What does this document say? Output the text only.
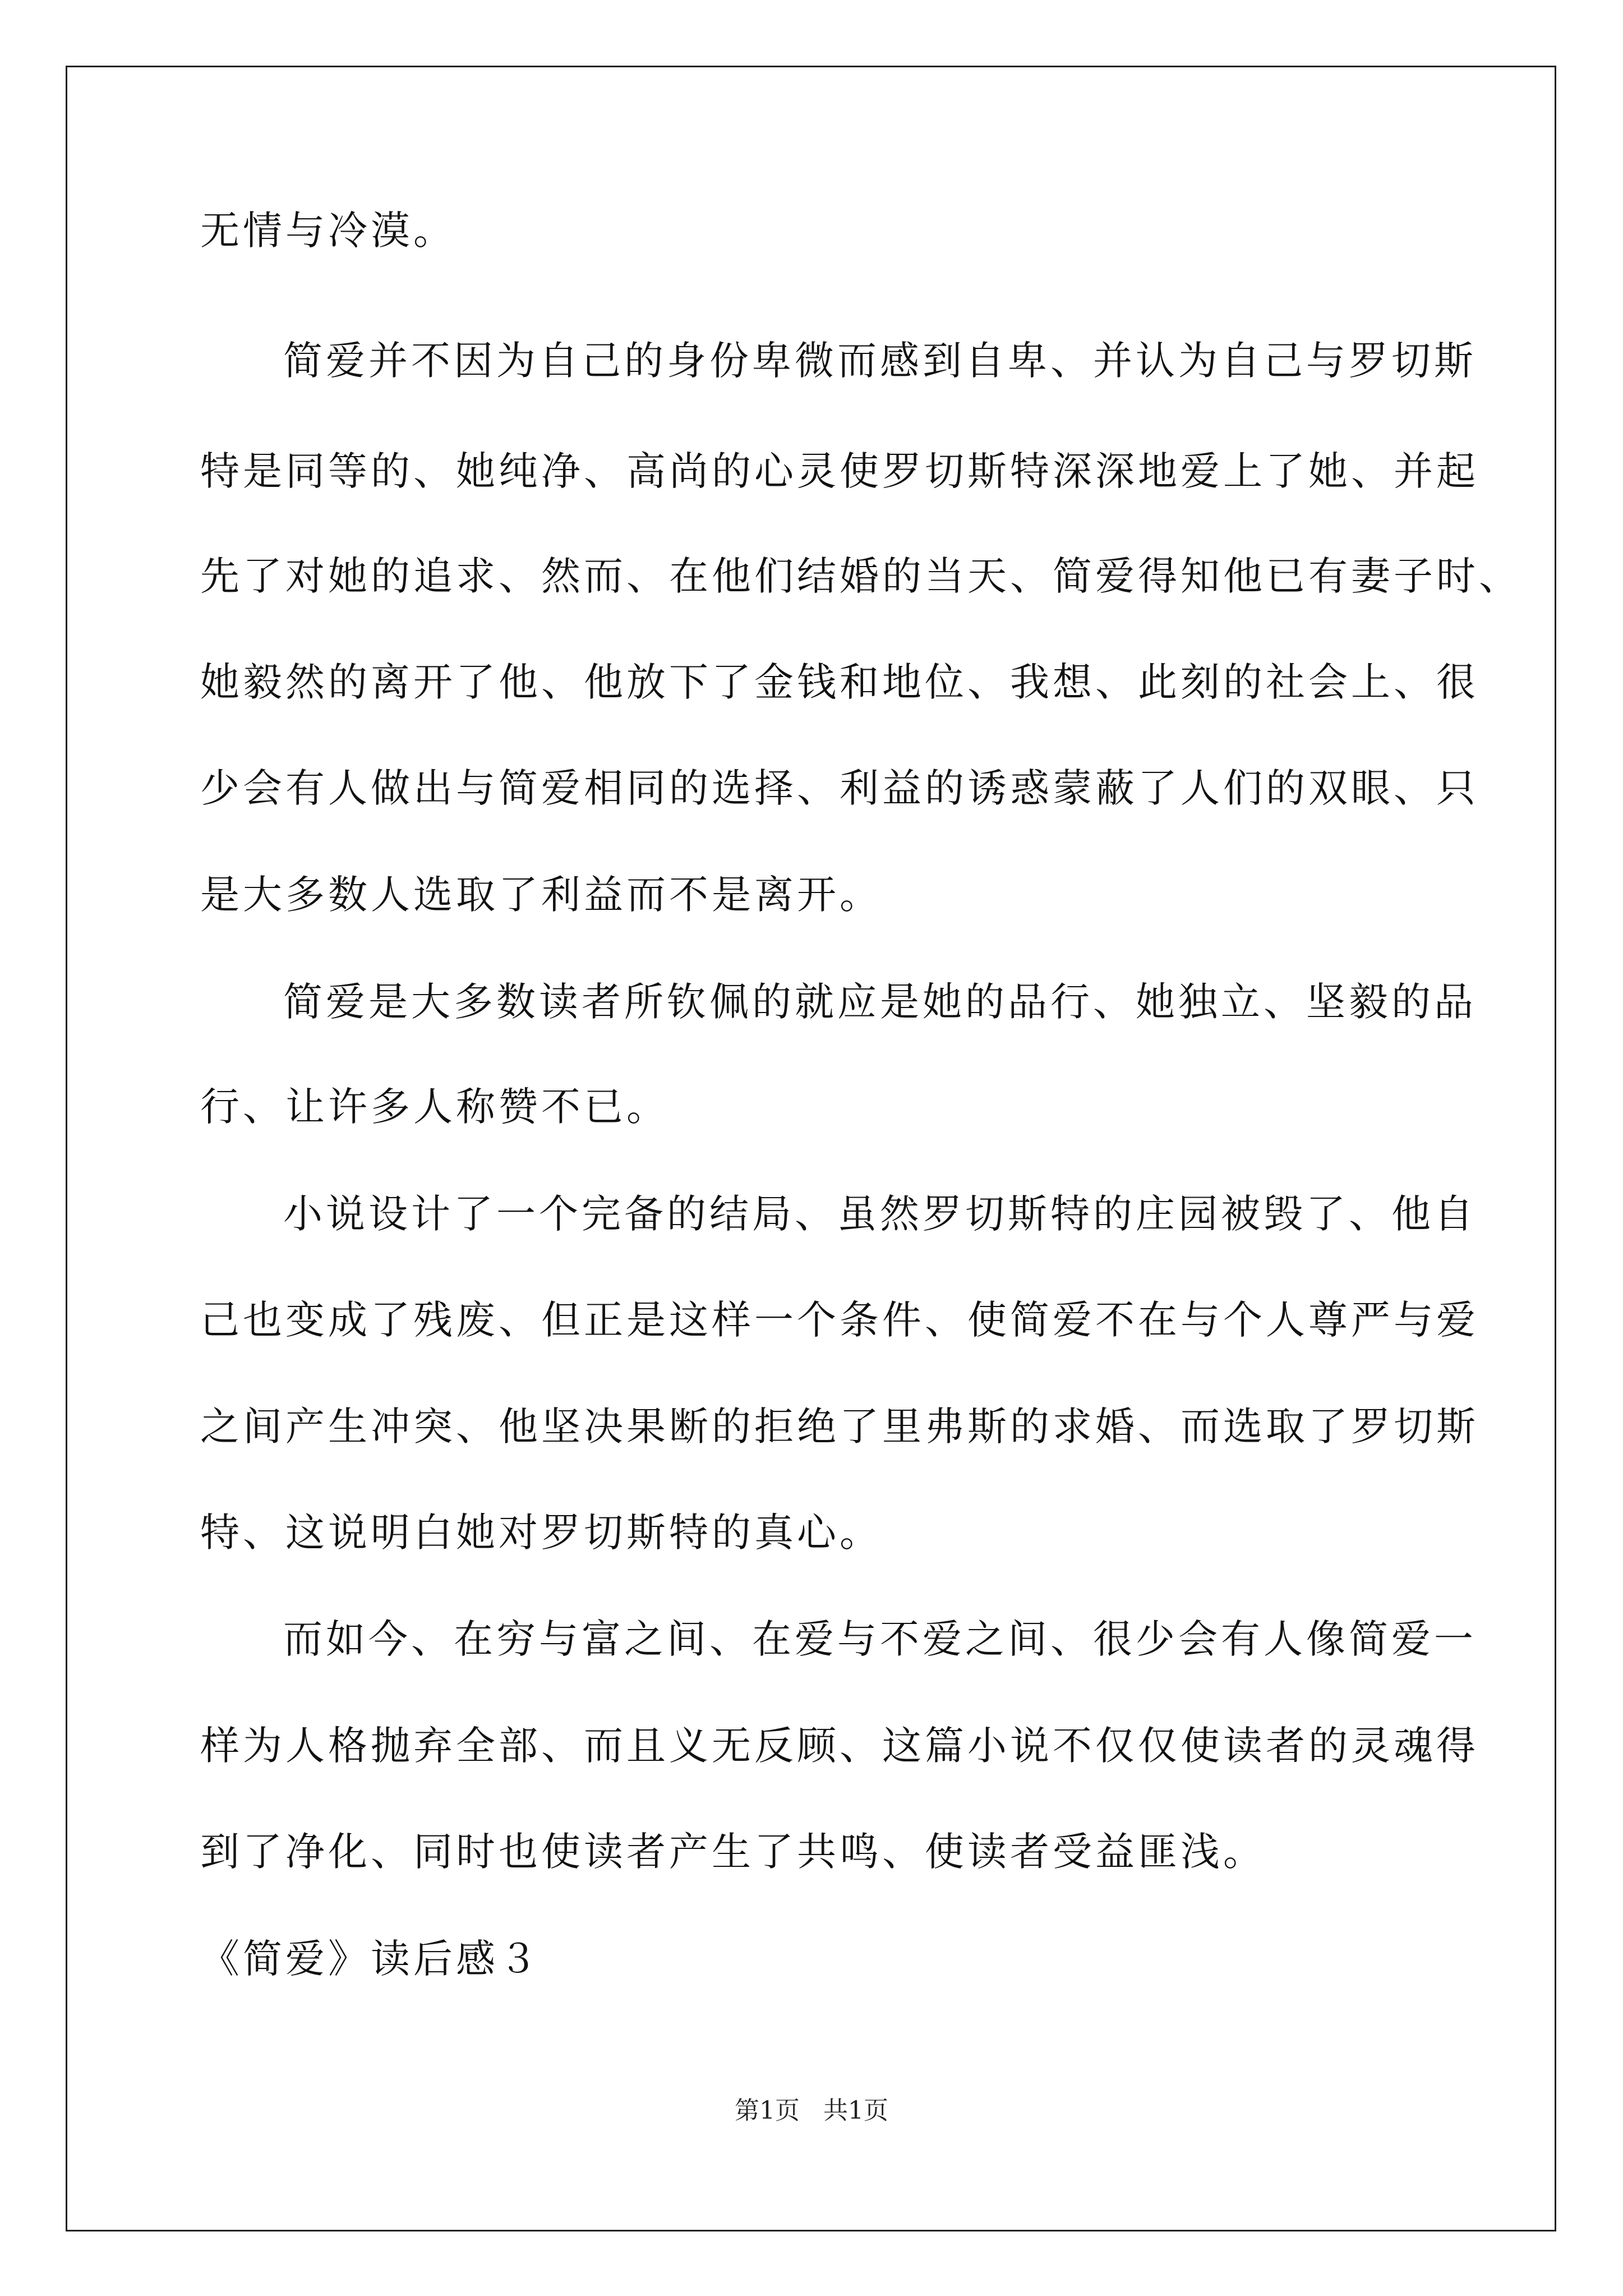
无情与冷漠。
简爱并不因为自己的身份卑微而感到自卑、并认为自己与罗切斯
特是同等的、她纯净、高尚的心灵使罗切斯特深深地爱上了她、并起
先了对她的追求、然而、在他们结婚的当天、简爱得知他已有妻子时、
她毅然的离开了他、他放下了金钱和地位、我想、此刻的社会上、很
少会有人做出与简爱相同的选择、利益的诱惑蒙蔽了人们的双眼、只
是大多数人选取了利益而不是离开。
简爱是大多数读者所钦佩的就应是她的品行、她独立、坚毅的品
行、让许多人称赞不已。
小说设计了一个完备的结局、虽然罗切斯特的庄园被毁了、他自
己也变成了残废、但正是这样一个条件、使简爱不在与个人尊严与爱
之间产生冲突、他坚决果断的拒绝了里弗斯的求婚、而选取了罗切斯
特、这说明白她对罗切斯特的真心。
而如今、在穷与富之间、在爱与不爱之间、很少会有人像简爱一
样为人格抛弃全部、而且义无反顾、这篇小说不仅仅使读者的灵魂得
到了净化、同时也使读者产生了共鸣、使读者受益匪浅。
《简爱》读后感３
第1页 共1页
